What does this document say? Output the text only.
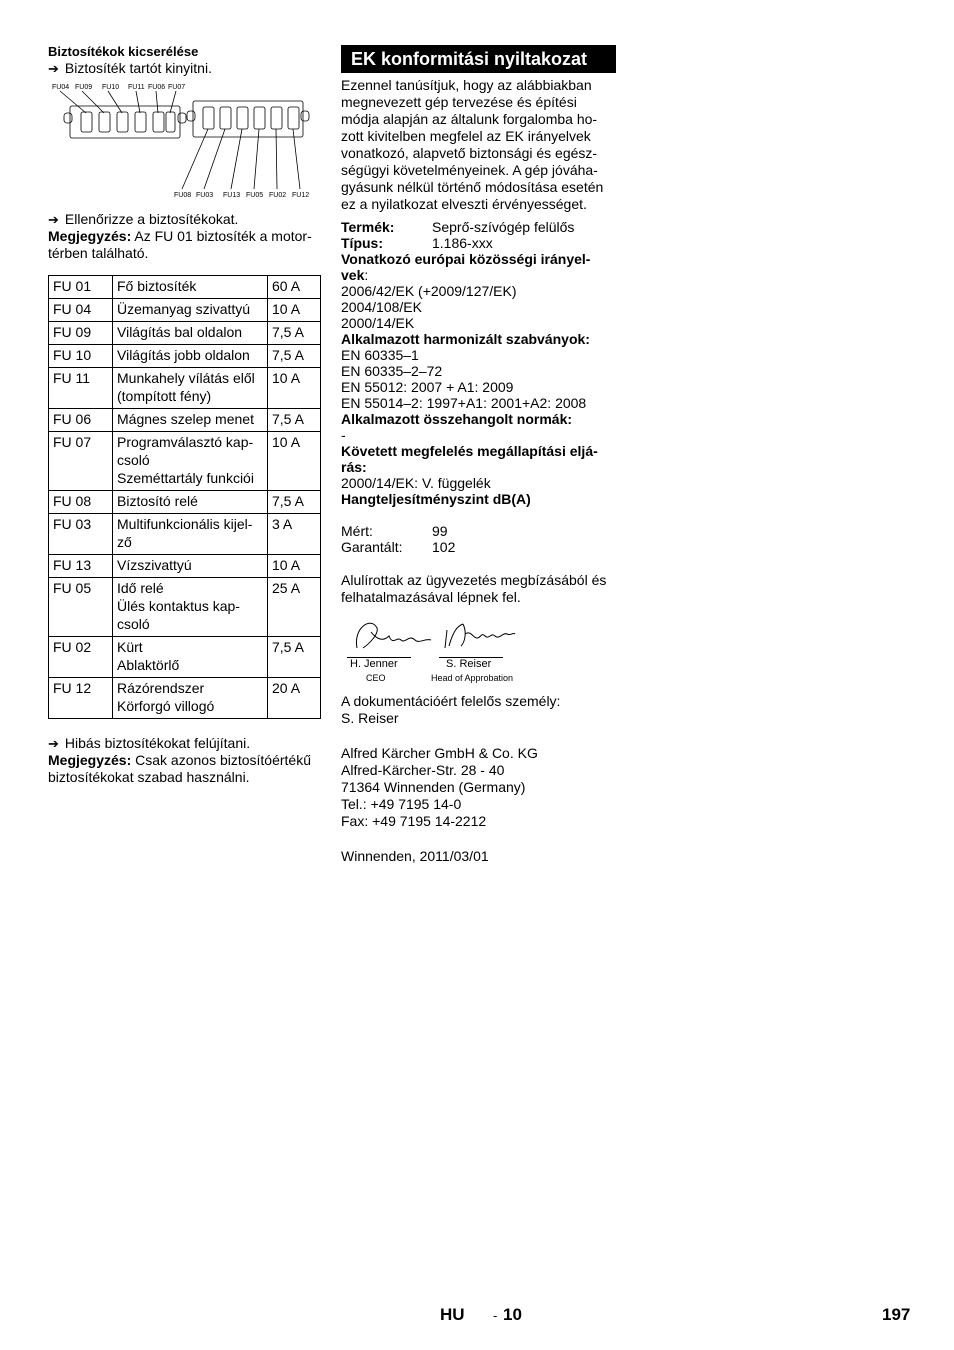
Biztosítékok kicserélése
➔ Biztosíték tartót kinyitni.
FU04 FU09 FU10 FU11 FU06 FU07
FU08 FU03 FU13 FU05 FU02 FU12
➔ Ellenőrizze a biztosítékokat.

Megjegyzés: Az FU 01 biztosíték a motor-térben található.

FU 01	Fő biztosíték	60 A
FU 04	Üzemanyag szivattyú	10 A
FU 09	Világítás bal oldalon	7,5 A
FU 10	Világítás jobb oldalon	7,5 A
FU 11	Munkahely vílátás elől
(tompított fény)	10 A
FU 06	Mágnes szelep menet	7,5 A
FU 07	Programválasztó kap-
csoló
Szeméttartály funkciói	10 A
FU 08	Biztosító relé	7,5 A
FU 03	Multifunkcionális kijel-
ző	3 A
FU 13	Vízszivattyú	10 A
FU 05	Idő relé
Ülés kontaktus kap-
csoló	25 A
FU 02	Kürt
Ablaktörlő	7,5 A
FU 12	Rázórendszer
Körforgó villogó	20 A
➔ Hibás biztosítékokat felújítani.

Megjegyzés: Csak azonos biztosítóértékű biztosítékokat szabad használni.

EK konformitási nyiltakozat

Ezennel tanúsítjuk, hogy az alábbiakban megnevezett gép tervezése és építési módja alapján az általunk forgalomba ho-zott kivitelben megfelel az EK irányelvek vonatkozó, alapvető biztonsági és egész-ségügyi követelményeinek. A gép jóváha-gyásunk nélkül történő módosítása esetén ez a nyilatkozat elveszti érvényességet.

Termék:	Seprő-szívógép felülős
Típus:	1.186-xxx

Vonatkozó európai közösségi irányel-vek:

2006/42/EK (+2009/127/EK)
2004/108/EK
2000/14/EK

Alkalmazott harmonizált szabványok:

EN 60335–1
EN 60335–2–72
EN 55012: 2007 + A1: 2009
EN 55014–2: 1997+A1: 2001+A2: 2008

Alkalmazott összehangolt normák:

-

Követett megfelelés megállapítási eljá-rás:

2000/14/EK: V. függelék

Hangteljesítményszint dB(A)

Mért:	99
Garantált:	102

Alulírottak az ügyvezetés megbízásából és felhatalmazásával lépnek fel.

H. Jenner
CEO
S. Reiser
Head of Approbation

A dokumentációért felelős személy:
S. Reiser

Alfred Kärcher GmbH & Co. KG
Alfred-Kärcher-Str. 28 - 40
71364 Winnenden (Germany)
Tel.: +49 7195 14-0
Fax: +49 7195 14-2212

Winnenden, 2011/03/01

HU - 10	197
